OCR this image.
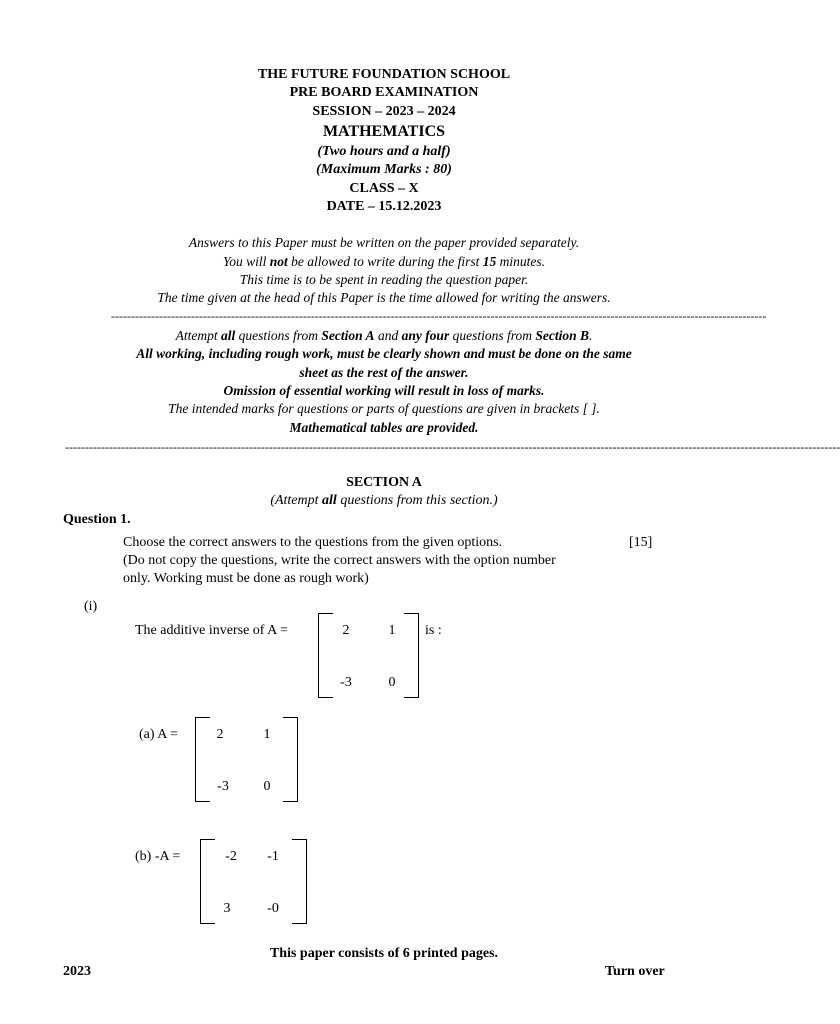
THE FUTURE FOUNDATION SCHOOL
PRE BOARD EXAMINATION
SESSION – 2023 – 2024
MATHEMATICS
(Two hours and a half)
(Maximum Marks : 80)
CLASS – X
DATE – 15.12.2023
Answers to this Paper must be written on the paper provided separately.
You will not be allowed to write during the first 15 minutes.
This time is to be spent in reading the question paper.
The time given at the head of this Paper is the time allowed for writing the answers.
--------------------------------------------------------------------------------------------------------------------------------------------------------------------
Attempt all questions from Section A and any four questions from Section B.
All working, including rough work, must be clearly shown and must be done on the same
sheet as the rest of the answer.
Omission of essential working will result in loss of marks.
The intended marks for questions or parts of questions are given in brackets [ ].
Mathematical tables are provided.
--------------------------------------------------------------------------------------------------------------------------------------------------------------------------------------------------
SECTION A
(Attempt all questions from this section.)
Question 1.
Choose the correct answers to the questions from the given options.	[15]
(Do not copy the questions, write the correct answers with the option number
only. Working must be done as rough work)
(i)
The additive inverse of A =	2	1
-3	0
is :
(a) A =	2	1
-3	0
(b) -A =	-2	-1
3	-0
This paper consists of 6 printed pages.
2023	Turn over
